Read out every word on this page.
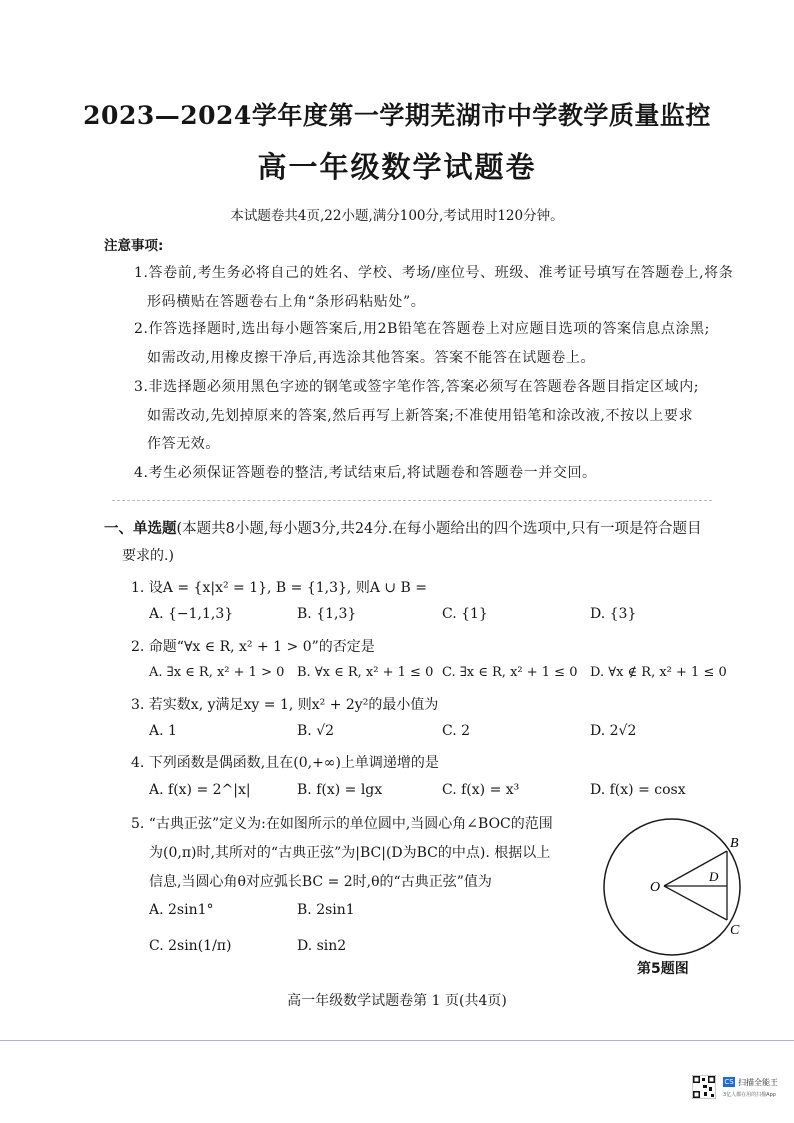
2023—2024学年度第一学期芜湖市中学教学质量监控
高一年级数学试题卷
本试题卷共4页,22小题,满分100分,考试用时120分钟。
注意事项:
1.答卷前,考生务必将自己的姓名、学校、考场/座位号、班级、准考证号填写在答题卷上,将条
形码横贴在答题卷右上角“条形码粘贴处”。
2.作答选择题时,选出每小题答案后,用2B铅笔在答题卷上对应题目选项的答案信息点涂黑;
如需改动,用橡皮擦干净后,再选涂其他答案。答案不能答在试题卷上。
3.非选择题必须用黑色字迹的钢笔或签字笔作答,答案必须写在答题卷各题目指定区域内;
如需改动,先划掉原来的答案,然后再写上新答案;不准使用铅笔和涂改液,不按以上要求
作答无效。
4.考生必须保证答题卷的整洁,考试结束后,将试题卷和答题卷一并交回。
一、单选题(本题共8小题,每小题3分,共24分.在每小题给出的四个选项中,只有一项是符合题目
要求的.)
1. 设A = {x|x² = 1}, B = {1,3}, 则A ∪ B =
A. {−1,1,3}	B. {1,3}	C. {1}	D. {3}
2. 命题“∀x ∈ R, x² + 1 > 0”的否定是
A. ∃x ∈ R, x² + 1 > 0 B. ∀x ∈ R, x² + 1 ≤ 0 C. ∃x ∈ R, x² + 1 ≤ 0 D. ∀x ∉ R, x² + 1 ≤ 0
3. 若实数x, y满足xy = 1, 则x² + 2y²的最小值为
A. 1	B. √2	C. 2	D. 2√2
4. 下列函数是偶函数,且在(0,+∞)上单调递增的是
A. f(x) = 2^|x|	B. f(x) = lgx	C. f(x) = x³	D. f(x) = cosx
5. “古典正弦”定义为:在如图所示的单位圆中,当圆心角∠BOC的范围
为(0,π)时,其所对的“古典正弦”为|BC|(D为BC的中点). 根据以上
信息,当圆心角θ对应弧长BC = 2时,θ的“古典正弦”值为
A. 2sin1°	B. 2sin1
C. 2sin(1/π)	D. sin2
O
B
C
D
第5题图
高一年级数学试题卷第 1 页(共4页)
CS 扫描全能王
3亿人都在用的扫描App
